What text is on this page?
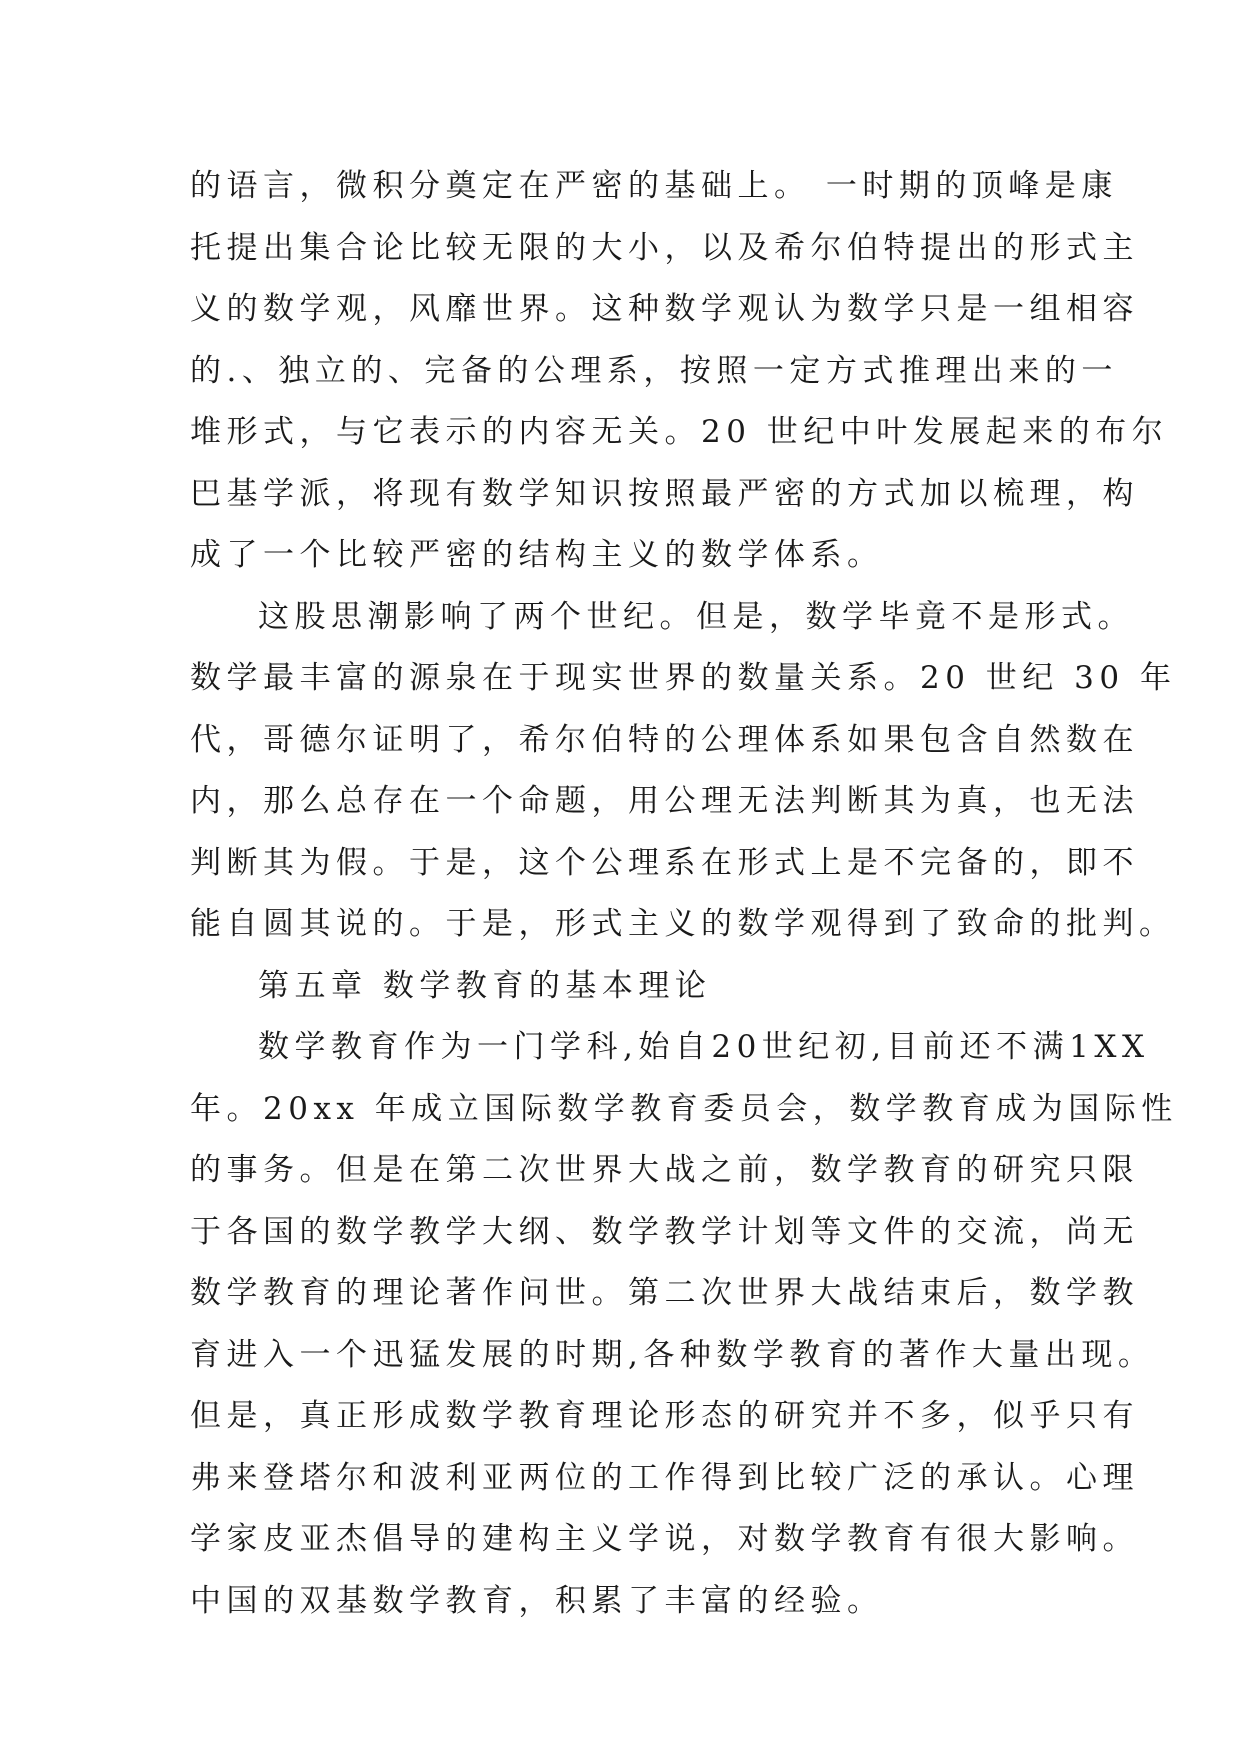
的语言，微积分奠定在严密的基础上。 一时期的顶峰是康
托提出集合论比较无限的大小，以及希尔伯特提出的形式主
义的数学观，风靡世界。这种数学观认为数学只是一组相容
的.、独立的、完备的公理系，按照一定方式推理出来的一
堆形式，与它表示的内容无关。20 世纪中叶发展起来的布尔
巴基学派，将现有数学知识按照最严密的方式加以梳理，构
成了一个比较严密的结构主义的数学体系。
这股思潮影响了两个世纪。但是，数学毕竟不是形式。
数学最丰富的源泉在于现实世界的数量关系。20 世纪 30 年
代，哥德尔证明了，希尔伯特的公理体系如果包含自然数在
内，那么总存在一个命题，用公理无法判断其为真，也无法
判断其为假。于是，这个公理系在形式上是不完备的，即不
能自圆其说的。于是，形式主义的数学观得到了致命的批判。
第五章 数学教育的基本理论
数学教育作为一门学科,始自20世纪初,目前还不满1XX
年。20xx 年成立国际数学教育委员会，数学教育成为国际性
的事务。但是在第二次世界大战之前，数学教育的研究只限
于各国的数学教学大纲、数学教学计划等文件的交流，尚无
数学教育的理论著作问世。第二次世界大战结束后，数学教
育进入一个迅猛发展的时期,各种数学教育的著作大量出现。
但是，真正形成数学教育理论形态的研究并不多，似乎只有
弗来登塔尔和波利亚两位的工作得到比较广泛的承认。心理
学家皮亚杰倡导的建构主义学说，对数学教育有很大影响。
中国的双基数学教育，积累了丰富的经验。
